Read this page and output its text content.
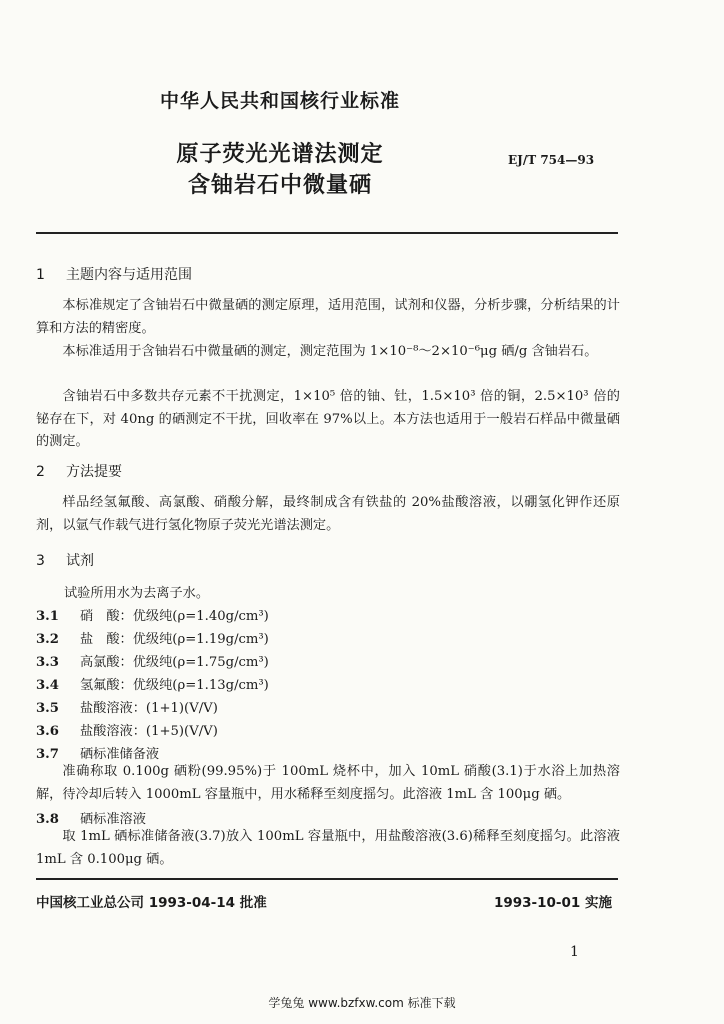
中华人民共和国核行业标准
原子荧光光谱法测定
含铀岩石中微量硒
EJ/T 754—93
1 主题内容与适用范围
本标准规定了含铀岩石中微量硒的测定原理，适用范围，试剂和仪器，分析步骤，分析结果的计算和方法的精密度。
本标准适用于含铀岩石中微量硒的测定，测定范围为 1×10⁻⁸～2×10⁻⁶μg 硒/g 含铀岩石。
含铀岩石中多数共存元素不干扰测定，1×10⁵ 倍的铀、钍，1.5×10³ 倍的铜，2.5×10³ 倍的铋存在下，对 40ng 的硒测定不干扰，回收率在 97%以上。本方法也适用于一般岩石样品中微量硒的测定。
2 方法提要
样品经氢氟酸、高氯酸、硝酸分解，最终制成含有铁盐的 20%盐酸溶液，以硼氢化钾作还原剂，以氩气作载气进行氢化物原子荧光光谱法测定。
3 试剂
试验所用水为去离子水。
3.1 硝　酸：优级纯(ρ=1.40g/cm³)
3.2 盐　酸：优级纯(ρ=1.19g/cm³)
3.3 高氯酸：优级纯(ρ=1.75g/cm³)
3.4 氢氟酸：优级纯(ρ=1.13g/cm³)
3.5 盐酸溶液：(1+1)(V/V)
3.6 盐酸溶液：(1+5)(V/V)
3.7 硒标准储备液
准确称取 0.100g 硒粉(99.95%)于 100mL 烧杯中，加入 10mL 硝酸(3.1)于水浴上加热溶解，待冷却后转入 1000mL 容量瓶中，用水稀释至刻度摇匀。此溶液 1mL 含 100μg 硒。
3.8 硒标准溶液
取 1mL 硒标准储备液(3.7)放入 100mL 容量瓶中，用盐酸溶液(3.6)稀释至刻度摇匀。此溶液 1mL 含 0.100μg 硒。
中国核工业总公司 1993-04-14 批准	1993-10-01 实施
1
学兔兔 www.bzfxw.com 标准下载
